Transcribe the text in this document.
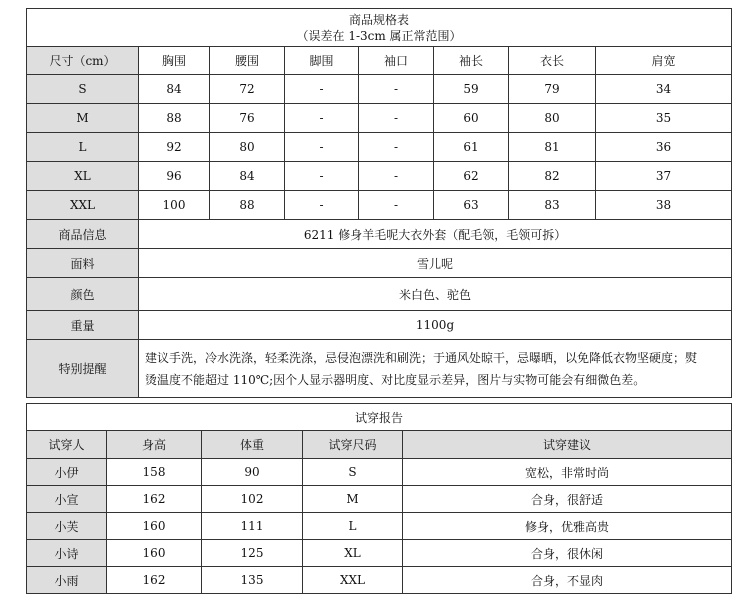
商品规格表
（误差在 1-3cm 属正常范围）							

尺寸（cm）	胸围	腰围	脚围	袖口	袖长	衣长	肩宽
S	84	72	-	-	59	79	34
M	88	76	-	-	60	80	35
L	92	80	-	-	61	81	36
XL	96	84	-	-	62	82	37
XXL	100	88	-	-	63	83	38
商品信息	6211 修身羊毛呢大衣外套（配毛领，毛领可拆）						
面料	雪儿呢						
颜色	米白色、驼色						
重量	1100g						
特别提醒	建议手洗，冷水洗涤，轻柔洗涤，忌侵泡漂洗和刷洗；于通风处晾干，忌曝晒，以免降低衣物坚硬度；熨
烫温度不能超过 110℃;因个人显示器明度、对比度显示差异，图片与实物可能会有细微色差。						
试穿报告				
试穿人	身高	体重	试穿尺码	试穿建议
小伊	158	90	S	宽松，非常时尚
小宣	162	102	M	合身，很舒适
小芙	160	111	L	修身，优雅高贵
小诗	160	125	XL	合身，很休闲
小雨	162	135	XXL	合身，不显肉
